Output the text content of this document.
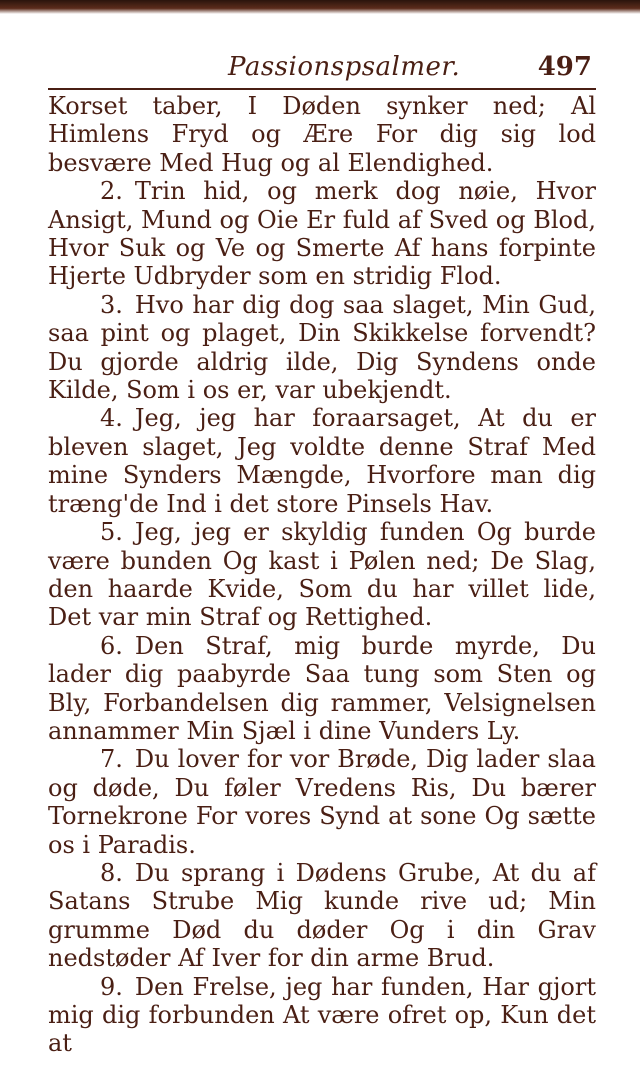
Passionspsalmer.	497

Korset taber, I Døden synker ned; Al Himlens Fryd og Ære For dig sig lod besvære Med Hug og al Elendighed.

2. Trin hid, og merk dog nøie, Hvor Ansigt, Mund og Oie Er fuld af Sved og Blod, Hvor Suk og Ve og Smerte Af hans forpinte Hjerte Udbryder som en stridig Flod.

3. Hvo har dig dog saa slaget, Min Gud, saa pint og plaget, Din Skikkelse forvendt? Du gjorde aldrig ilde, Dig Syndens onde Kilde, Som i os er, var ubekjendt.

4. Jeg, jeg har foraarsaget, At du er bleven slaget, Jeg voldte denne Straf Med mine Synders Mængde, Hvorfore man dig træng'de Ind i det store Pinsels Hav.

5. Jeg, jeg er skyldig funden Og burde være bunden Og kast i Pølen ned; De Slag, den haarde Kvide, Som du har villet lide, Det var min Straf og Rettighed.

6. Den Straf, mig burde myrde, Du lader dig paabyrde Saa tung som Sten og Bly, Forbandelsen dig rammer, Velsignelsen annammer Min Sjæl i dine Vunders Ly.

7. Du lover for vor Brøde, Dig lader slaa og døde, Du føler Vredens Ris, Du bærer Tornekrone For vores Synd at sone Og sætte os i Paradis.

8. Du sprang i Dødens Grube, At du af Satans Strube Mig kunde rive ud; Min grumme Død du døder Og i din Grav nedstøder Af Iver for din arme Brud.

9. Den Frelse, jeg har funden, Har gjort mig dig forbunden At være ofret op, Kun det at
